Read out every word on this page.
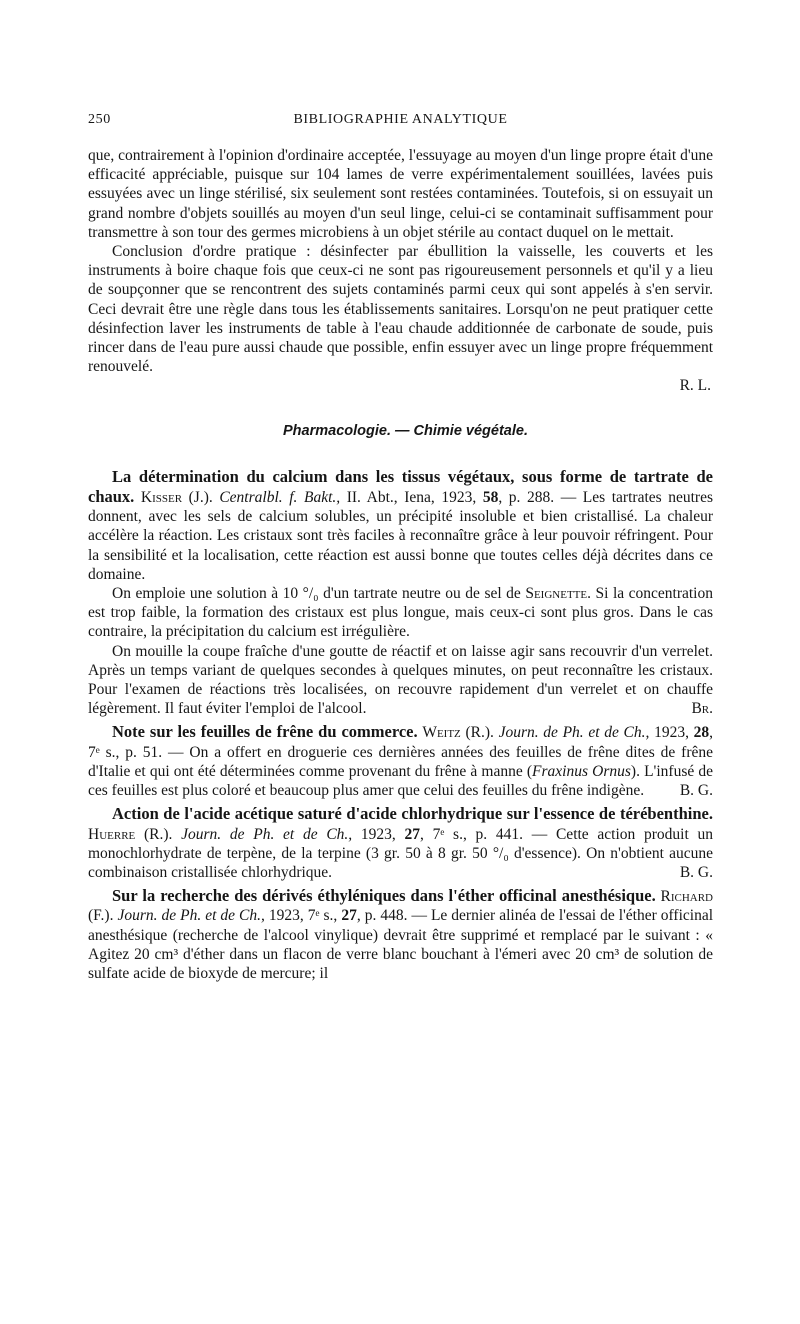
250	BIBLIOGRAPHIE ANALYTIQUE

que, contrairement à l'opinion d'ordinaire acceptée, l'essuyage au moyen d'un linge propre était d'une efficacité appréciable, puisque sur 104 lames de verre expérimentalement souillées, lavées puis essuyées avec un linge stérilisé, six seulement sont restées contaminées. Toutefois, si on essuyait un grand nombre d'objets souillés au moyen d'un seul linge, celui-ci se contaminait suffisamment pour transmettre à son tour des germes microbiens à un objet stérile au contact duquel on le mettait.

Conclusion d'ordre pratique : désinfecter par ébullition la vaisselle, les couverts et les instruments à boire chaque fois que ceux-ci ne sont pas rigoureusement personnels et qu'il y a lieu de soupçonner que se rencontrent des sujets contaminés parmi ceux qui sont appelés à s'en servir. Ceci devrait être une règle dans tous les établissements sanitaires. Lorsqu'on ne peut pratiquer cette désinfection laver les instruments de table à l'eau chaude additionnée de carbonate de soude, puis rincer dans de l'eau pure aussi chaude que possible, enfin essuyer avec un linge propre fréquemment renouvelé.

R. L.

Pharmacologie. — Chimie végétale.

La détermination du calcium dans les tissus végétaux, sous forme de tartrate de chaux. Kisser (J.). Centralbl. f. Bakt., II. Abt., Iena, 1923, 58, p. 288. — Les tartrates neutres donnent, avec les sels de calcium solubles, un précipité insoluble et bien cristallisé. La chaleur accélère la réaction. Les cristaux sont très faciles à reconnaître grâce à leur pouvoir réfringent. Pour la sensibilité et la localisation, cette réaction est aussi bonne que toutes celles déjà décrites dans ce domaine.

On emploie une solution à 10 °/₀ d'un tartrate neutre ou de sel de Seignette. Si la concentration est trop faible, la formation des cristaux est plus longue, mais ceux-ci sont plus gros. Dans le cas contraire, la précipitation du calcium est irrégulière.

On mouille la coupe fraîche d'une goutte de réactif et on laisse agir sans recouvrir d'un verrelet. Après un temps variant de quelques secondes à quelques minutes, on peut reconnaître les cristaux. Pour l'examen de réactions très localisées, on recouvre rapidement d'un verrelet et on chauffe légèrement. Il faut éviter l'emploi de l'alcool.	Br.

Note sur les feuilles de frêne du commerce. Weitz (R.). Journ. de Ph. et de Ch., 1923, 28, 7ᵉ s., p. 51. — On a offert en droguerie ces dernières années des feuilles de frêne dites de frêne d'Italie et qui ont été déterminées comme provenant du frêne à manne (Fraxinus Ornus). L'infusé de ces feuilles est plus coloré et beaucoup plus amer que celui des feuilles du frêne indigène.	B. G.

Action de l'acide acétique saturé d'acide chlorhydrique sur l'essence de térébenthine. Huerre (R.). Journ. de Ph. et de Ch., 1923, 27, 7ᵉ s., p. 441. — Cette action produit un monochlorhydrate de terpène, de la terpine (3 gr. 50 à 8 gr. 50 °/₀ d'essence). On n'obtient aucune combinaison cristallisée chlorhydrique.	B. G.

Sur la recherche des dérivés éthyléniques dans l'éther officinal anesthésique. Richard (F.). Journ. de Ph. et de Ch., 1923, 7ᵉ s., 27, p. 448. — Le dernier alinéa de l'essai de l'éther officinal anesthésique (recherche de l'alcool vinylique) devrait être supprimé et remplacé par le suivant : « Agitez 20 cm³ d'éther dans un flacon de verre blanc bouchant à l'émeri avec 20 cm³ de solution de sulfate acide de bioxyde de mercure; il
